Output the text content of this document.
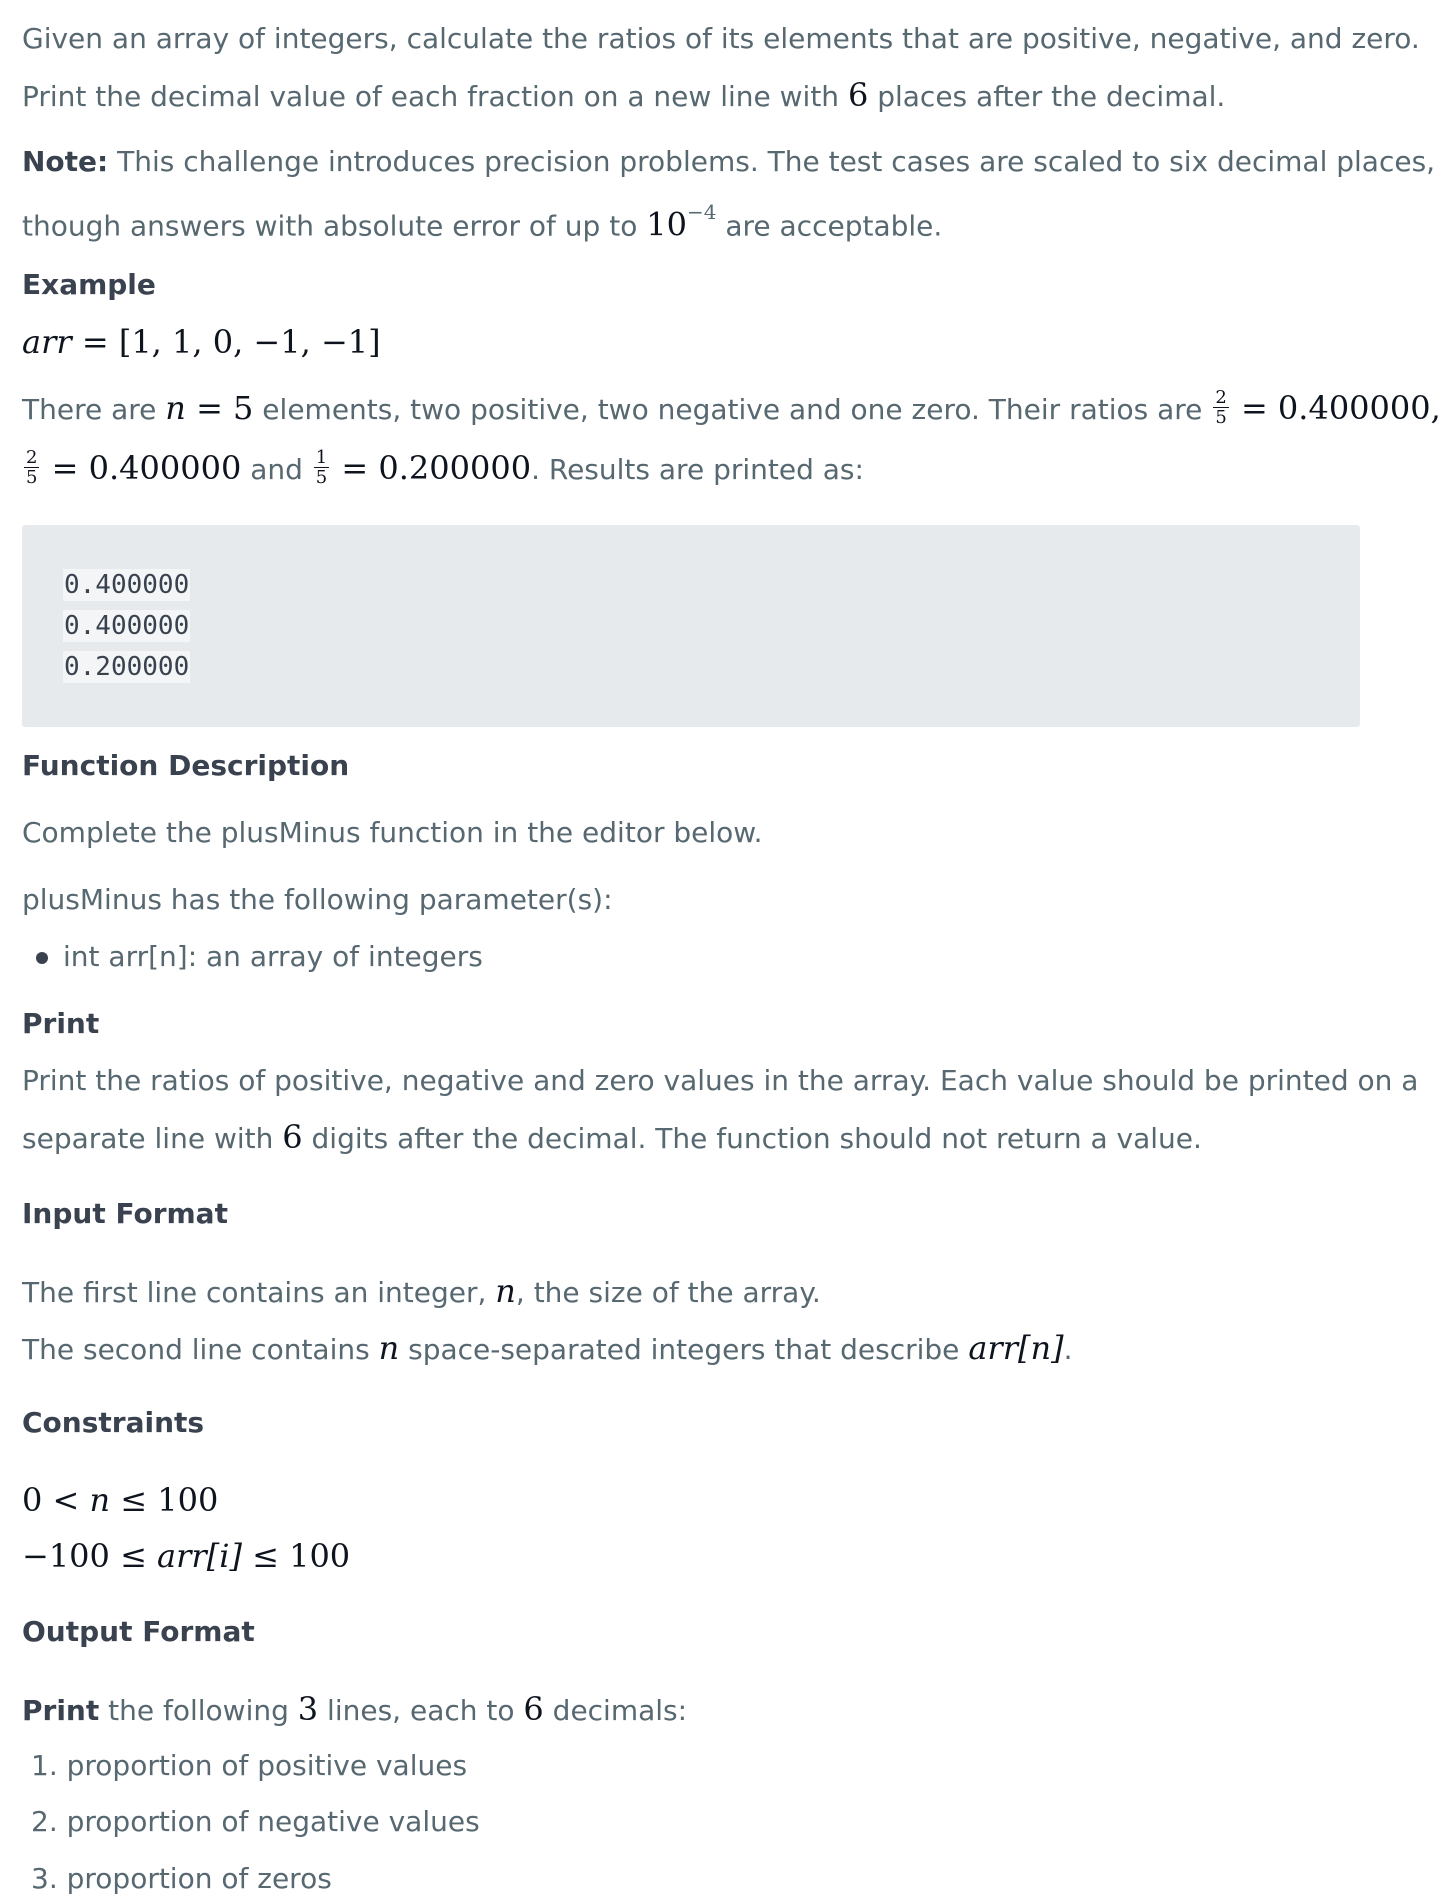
Given an array of integers, calculate the ratios of its elements that are positive, negative, and zero.
Print the decimal value of each fraction on a new line with 6 places after the decimal.
Note: This challenge introduces precision problems. The test cases are scaled to six decimal places,
though answers with absolute error of up to $10^{-4}$ are acceptable.
Example
arr = [1, 1, 0, −1, −1]
There are n = 5 elements, two positive, two negative and one zero. Their ratios are $\frac{2}{5} = 0.400000$,
$\frac{2}{5} = 0.400000$ and $\frac{1}{5} = 0.200000$. Results are printed as:
0.400000
0.400000
0.200000
Function Description
Complete the plusMinus function in the editor below.
plusMinus has the following parameter(s):
int arr[n]: an array of integers
Print
Print the ratios of positive, negative and zero values in the array. Each value should be printed on a
separate line with 6 digits after the decimal. The function should not return a value.
Input Format
The first line contains an integer, n, the size of the array.
The second line contains n space-separated integers that describe arr[n].
Constraints
0 < n ≤ 100
−100 ≤ arr[i] ≤ 100
Output Format
Print the following 3 lines, each to 6 decimals:
1. proportion of positive values
2. proportion of negative values
3. proportion of zeros
